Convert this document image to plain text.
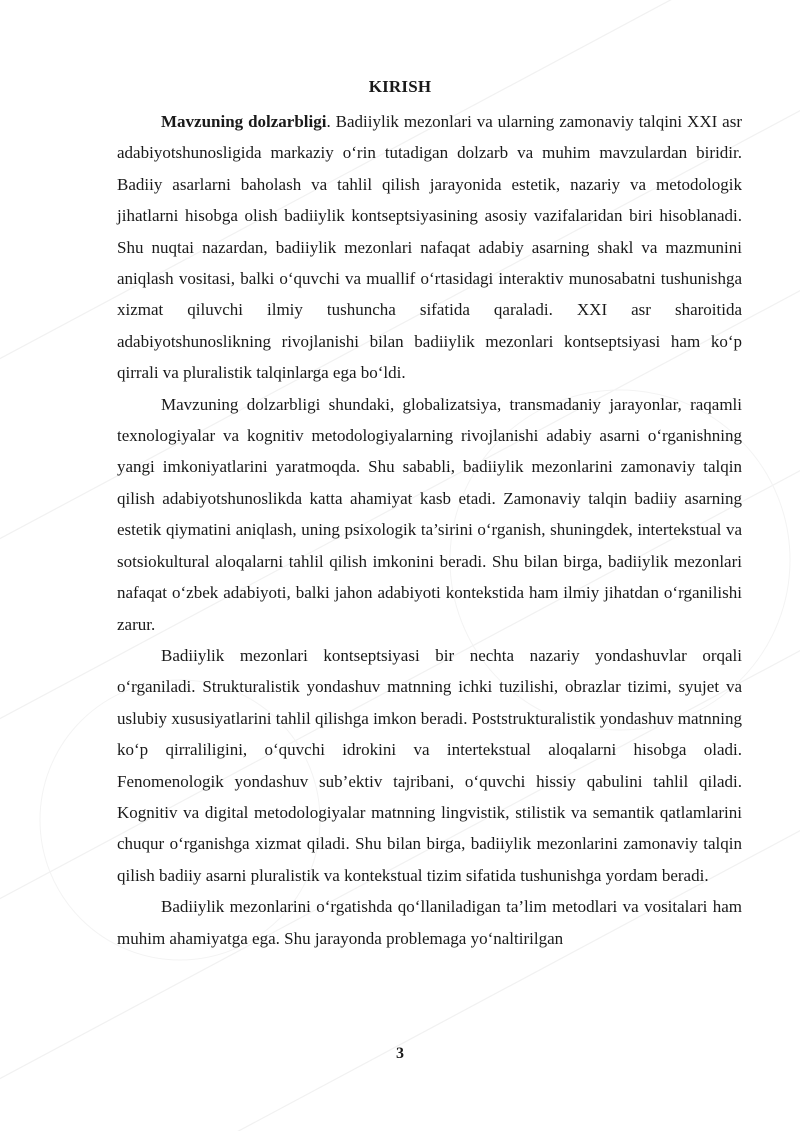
KIRISH

Mavzuning dolzarbligi. Badiiylik mezonlari va ularning zamonaviy talqini XXI asr adabiyotshunosligida markaziy o‘rin tutadigan dolzarb va muhim mavzulardan biridir. Badiiy asarlarni baholash va tahlil qilish jarayonida estetik, nazariy va metodologik jihatlarni hisobga olish badiiylik kontseptsiyasining asosiy vazifalaridan biri hisoblanadi. Shu nuqtai nazardan, badiiylik mezonlari nafaqat adabiy asarning shakl va mazmunini aniqlash vositasi, balki o‘quvchi va muallif o‘rtasidagi interaktiv munosabatni tushunishga xizmat qiluvchi ilmiy tushuncha sifatida qaraladi. XXI asr sharoitida adabiyotshunoslikning rivojlanishi bilan badiiylik mezonlari kontseptsiyasi ham ko‘p qirrali va pluralistik talqinlarga ega bo‘ldi.

Mavzuning dolzarbligi shundaki, globalizatsiya, transmadaniy jarayonlar, raqamli texnologiyalar va kognitiv metodologiyalarning rivojlanishi adabiy asarni o‘rganishning yangi imkoniyatlarini yaratmoqda. Shu sababli, badiiylik mezonlarini zamonaviy talqin qilish adabiyotshunoslikda katta ahamiyat kasb etadi. Zamonaviy talqin badiiy asarning estetik qiymatini aniqlash, uning psixologik ta’sirini o‘rganish, shuningdek, intertekstual va sotsiokultural aloqalarni tahlil qilish imkonini beradi. Shu bilan birga, badiiylik mezonlari nafaqat o‘zbek adabiyoti, balki jahon adabiyoti kontekstida ham ilmiy jihatdan o‘rganilishi zarur.

Badiiylik mezonlari kontseptsiyasi bir nechta nazariy yondashuvlar orqali o‘rganiladi. Strukturalistik yondashuv matnning ichki tuzilishi, obrazlar tizimi, syujet va uslubiy xususiyatlarini tahlil qilishga imkon beradi. Poststrukturalistik yondashuv matnning ko‘p qirraliligini, o‘quvchi idrokini va intertekstual aloqalarni hisobga oladi. Fenomenologik yondashuv sub’ektiv tajribani, o‘quvchi hissiy qabulini tahlil qiladi. Kognitiv va digital metodologiyalar matnning lingvistik, stilistik va semantik qatlamlarini chuqur o‘rganishga xizmat qiladi. Shu bilan birga, badiiylik mezonlarini zamonaviy talqin qilish badiiy asarni pluralistik va kontekstual tizim sifatida tushunishga yordam beradi.

Badiiylik mezonlarini o‘rgatishda qo‘llaniladigan ta’lim metodlari va vositalari ham muhim ahamiyatga ega. Shu jarayonda problemaga yo‘naltirilgan

3
